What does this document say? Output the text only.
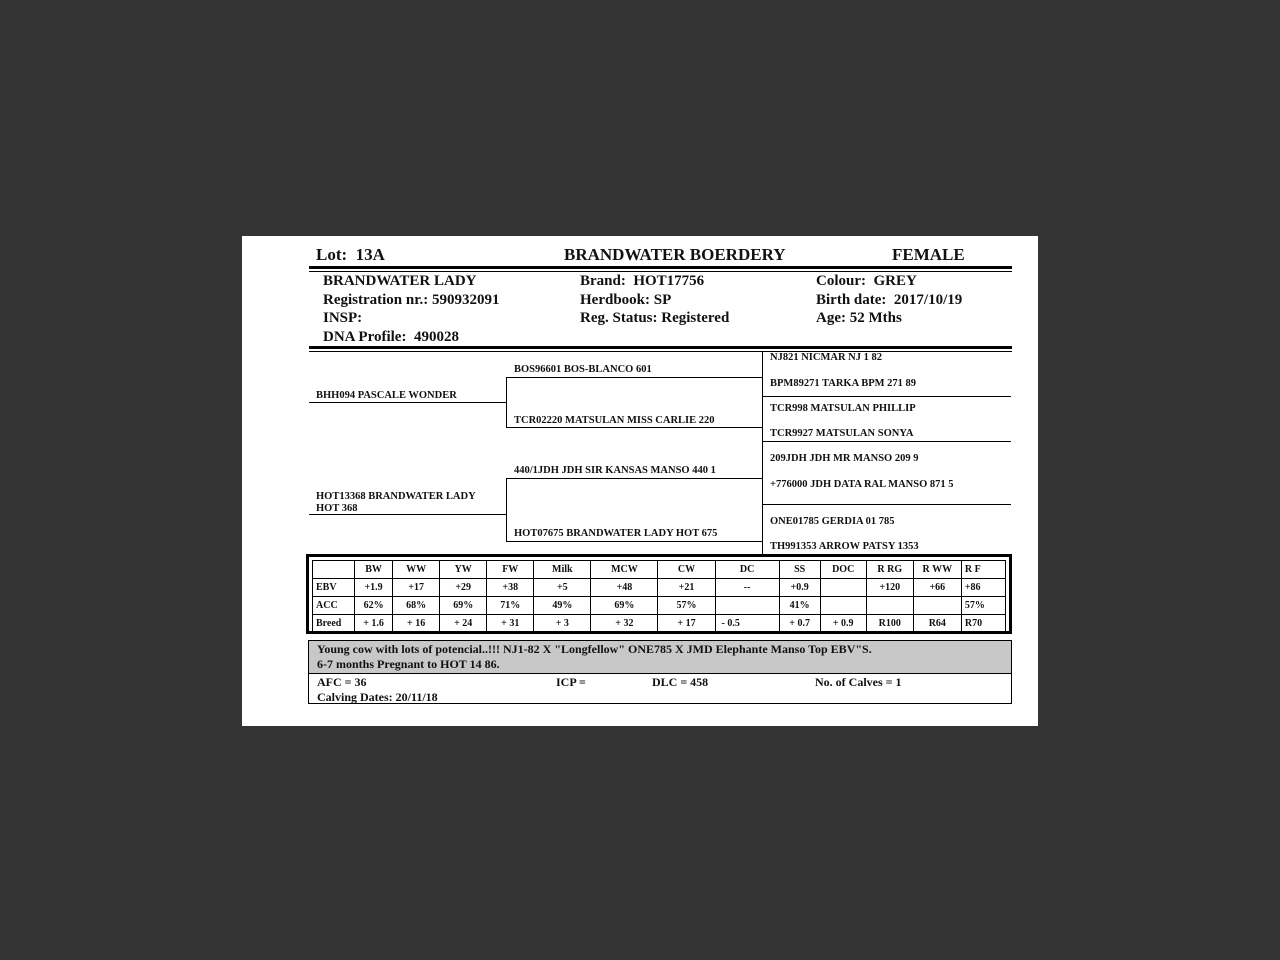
Lot: 13A	BRANDWATER BOERDERY	FEMALE
BRANDWATER LADY
Registration nr.: 590932091
INSP:
DNA Profile: 490028
Brand: HOT17756
Herdbook: SP
Reg. Status: Registered
Colour: GREY
Birth date: 2017/10/19
Age: 52 Mths
BHH094 PASCALE WONDER
HOT13368 BRANDWATER LADY HOT 368
BOS96601 BOS-BLANCO 601
TCR02220 MATSULAN MISS CARLIE 220
440/1JDH JDH SIR KANSAS MANSO 440 1
HOT07675 BRANDWATER LADY HOT 675
NJ821 NICMAR NJ 1 82
BPM89271 TARKA BPM 271 89
TCR998 MATSULAN PHILLIP
TCR9927 MATSULAN SONYA
209JDH JDH MR MANSO 209 9
+776000 JDH DATA RAL MANSO 871 5
ONE01785 GERDIA 01 785
TH991353 ARROW PATSY 1353
	BW	WW	YW	FW	Milk	MCW	CW	DC	SS	DOC	R RG	R WW	R F
EBV	+1.9	+17	+29	+38	+5	+48	+21	--	+0.9		+120	+66	+86
ACC	62%	68%	69%	71%	49%	69%	57%		41%				57%
Breed	+ 1.6	+ 16	+ 24	+ 31	+ 3	+ 32	+ 17	- 0.5	+ 0.7	+ 0.9	R100	R64	R70
Young cow with lots of potencial..!!! NJ1-82 X "Longfellow" ONE785 X JMD Elephante Manso Top EBV"S.
6-7 months Pregnant to HOT 14 86.
AFC = 36	ICP =	DLC = 458	No. of Calves = 1
Calving Dates: 20/11/18
